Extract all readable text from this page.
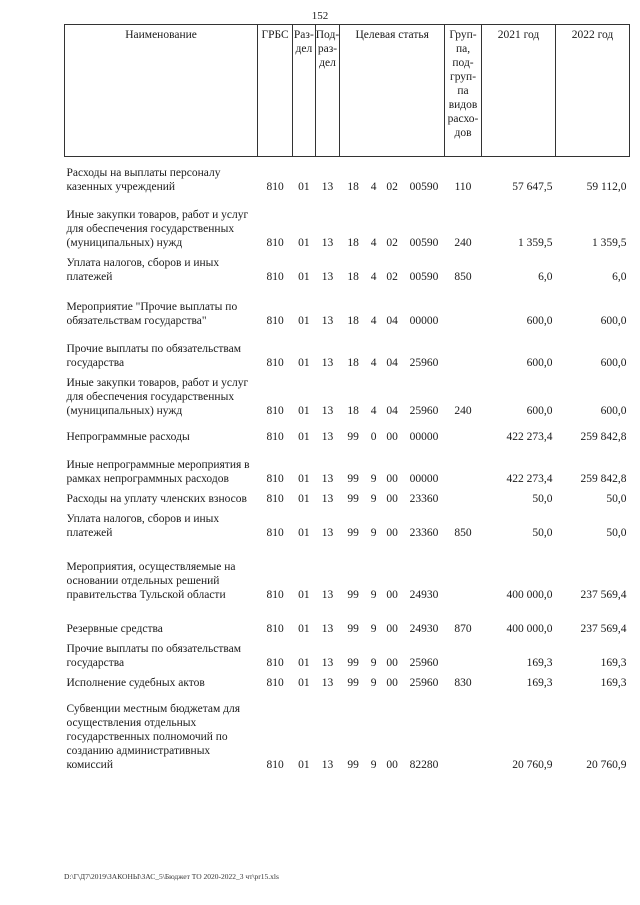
152
Наименование	ГРБС	Раз-дел	Под-раз-дел	Целевая статья				Груп-па, под-груп-па видов расхо-дов	2021 год	2022 год

Расходы на выплаты персоналу казенных учреждений	810	01	13	18	4	02	00590	110	57 647,5	59 112,0

Иные закупки товаров, работ и услуг для обеспечения государственных (муниципальных) нужд	810	01	13	18	4	02	00590	240	1 359,5	1 359,5
Уплата налогов, сборов и иных платежей	810	01	13	18	4	02	00590	850	6,0	6,0

Мероприятие "Прочие выплаты по обязательствам государства"	810	01	13	18	4	04	00000		600,0	600,0

Прочие выплаты по обязательствам государства	810	01	13	18	4	04	25960		600,0	600,0
Иные закупки товаров, работ и услуг для обеспечения государственных (муниципальных) нужд	810	01	13	18	4	04	25960	240	600,0	600,0

Непрограммные расходы	810	01	13	99	0	00	00000		422 273,4	259 842,8

Иные непрограммные мероприятия в рамках непрограммных расходов	810	01	13	99	9	00	00000		422 273,4	259 842,8
Расходы на уплату членских взносов	810	01	13	99	9	00	23360		50,0	50,0
Уплата налогов, сборов и иных платежей	810	01	13	99	9	00	23360	850	50,0	50,0

Мероприятия, осуществляемые на основании отдельных решений правительства Тульской области	810	01	13	99	9	00	24930		400 000,0	237 569,4

Резервные средства	810	01	13	99	9	00	24930	870	400 000,0	237 569,4
Прочие выплаты по обязательствам государства	810	01	13	99	9	00	25960		169,3	169,3
Исполнение судебных актов	810	01	13	99	9	00	25960	830	169,3	169,3

Субвенции местным бюджетам для осуществления отдельных государственных полномочий по созданию административных комиссий	810	01	13	99	9	00	82280		20 760,9	20 760,9
D:\Г\Д7\2019\ЗАКОНЫ\ЗАС_5\Бюджет ТО 2020-2022_3 чт\pr15.xls
